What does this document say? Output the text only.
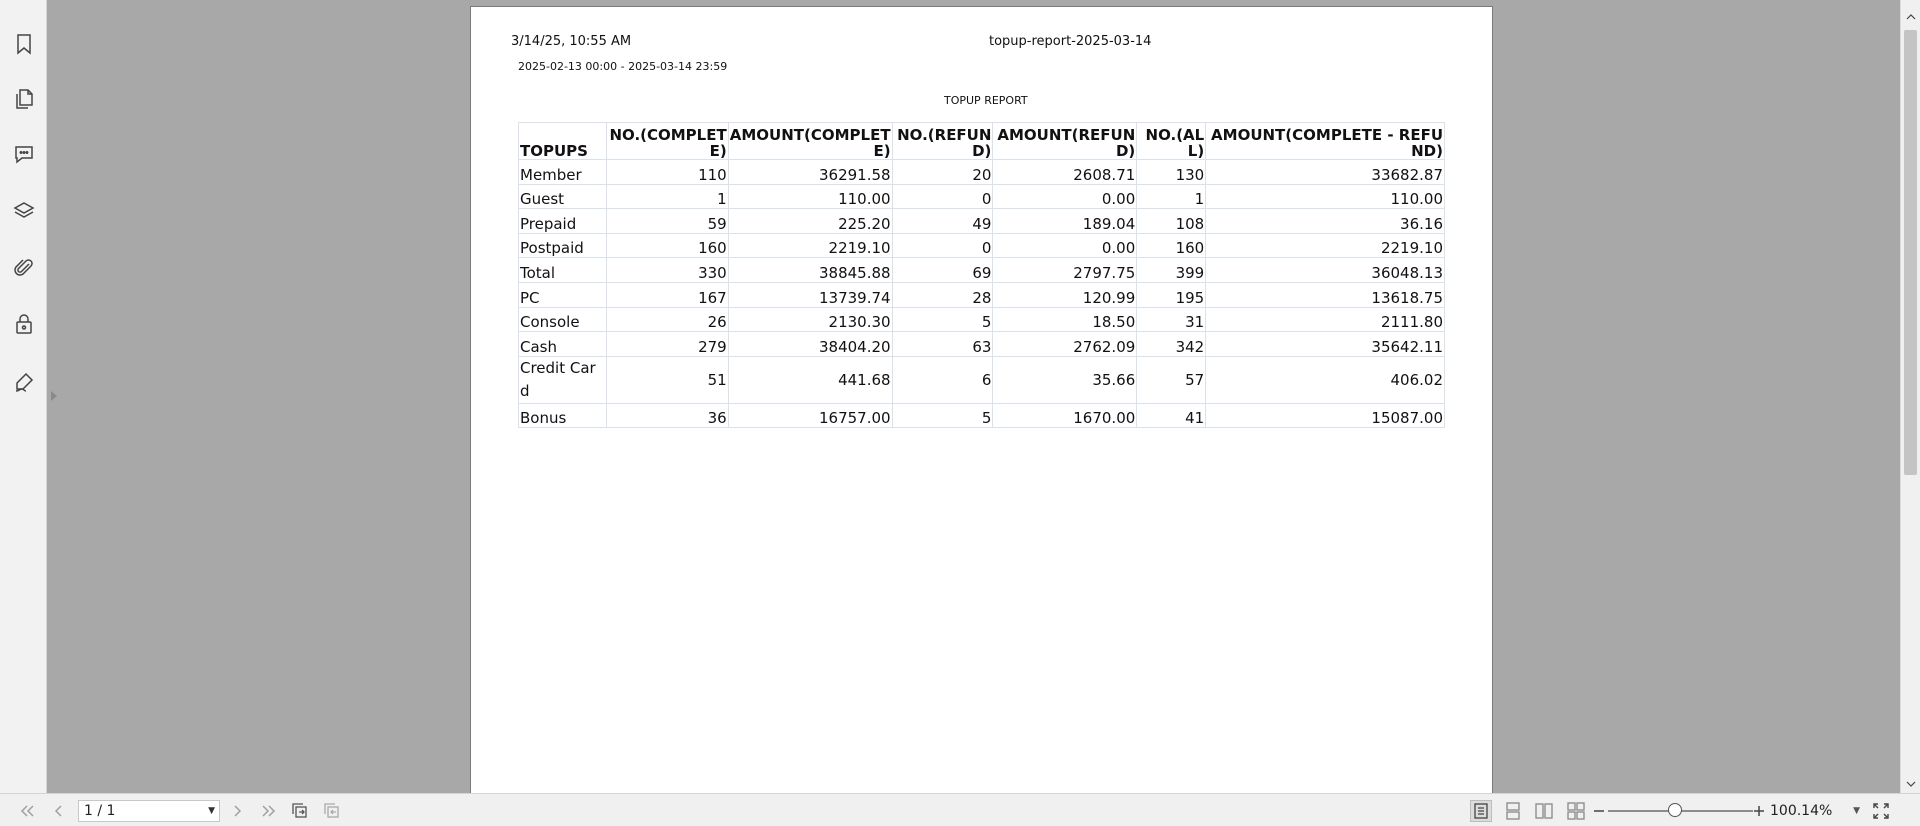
3/14/25, 10:55 AM	topup-report-2025-03-14
2025-02-13 00:00 - 2025-03-14 23:59
TOPUP REPORT
TOPUPS	NO.(COMPLETE)	AMOUNT(COMPLETE)	NO.(REFUND)	AMOUNT(REFUND)	NO.(ALL)	AMOUNT(COMPLETE - REFUND)
Member	110	36291.58	20	2608.71	130	33682.87
Guest	1	110.00	0	0.00	1	110.00
Prepaid	59	225.20	49	189.04	108	36.16
Postpaid	160	2219.10	0	0.00	160	2219.10
Total	330	38845.88	69	2797.75	399	36048.13
PC	167	13739.74	28	120.99	195	13618.75
Console	26	2130.30	5	18.50	31	2111.80
Cash	279	38404.20	63	2762.09	342	35642.11
Credit Card	51	441.68	6	35.66	57	406.02
Bonus	36	16757.00	5	1670.00	41	15087.00
1 / 1	▼	100.14% ▼
